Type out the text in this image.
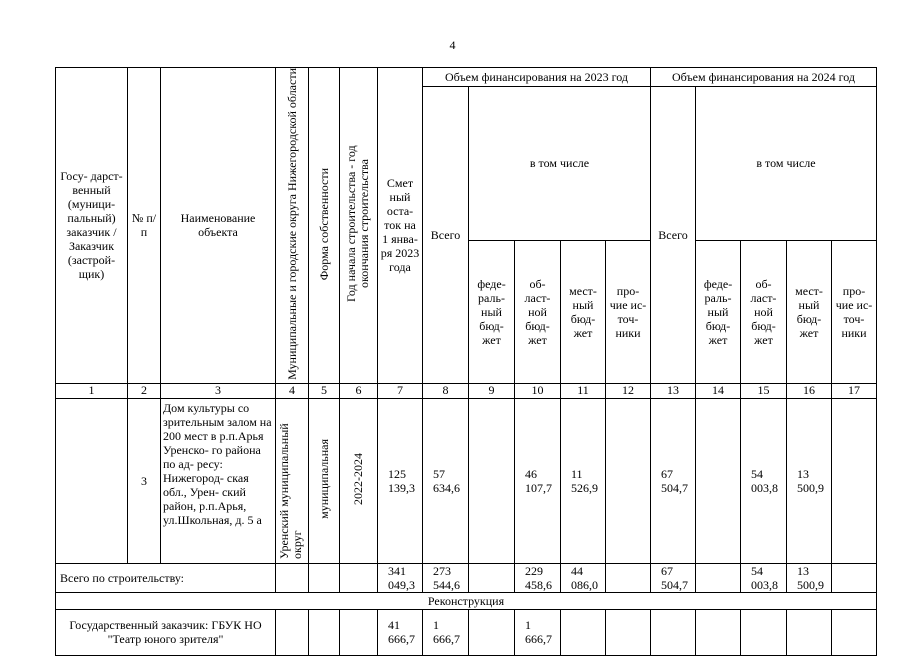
4
Госу- дарст- венный (муници- пальный) заказчик / Заказчик (застрой- щик)	№ п/п	Наименование объекта	Муниципальные и городские округа Нижегородской области	Форма собственности	Год начала строительства - год окончания строительства	Смет ный оста- ток на 1 янва- ря 2023 года	Объем финансирования на 2023 год					Объем финансирования на 2024 год				
							Всего	в том числе				Всего	в том числе			
								феде- раль- ный бюд- жет	об- ласт- ной бюд- жет	мест- ный бюд- жет	про- чие ис- точ- ники		феде- раль- ный бюд- жет	об- ласт- ной бюд- жет	мест- ный бюд- жет	про- чие ис- точ- ники
1	2	3	4	5	6	7	8	9	10	11	12	13	14	15	16	17
	3	Дом культуры со зрительным залом на 200 мест в р.п.Арья Уренско- го района по ад- ресу: Нижегород- ская обл., Урен- ский район, р.п.Арья, ул.Школьная, д. 5 а	Уренский муниципальный округ	муниципальная	2022-2024	125 139,3	57 634,6		46 107,7	11 526,9		67 504,7		54 003,8	13 500,9	
Всего по строительству:						341 049,3	273 544,6		229 458,6	44 086,0		67 504,7		54 003,8	13 500,9	
Реконструкция																
Государственный заказчик: ГБУК НО "Театр юного зрителя"						41 666,7	1 666,7		1 666,7							
